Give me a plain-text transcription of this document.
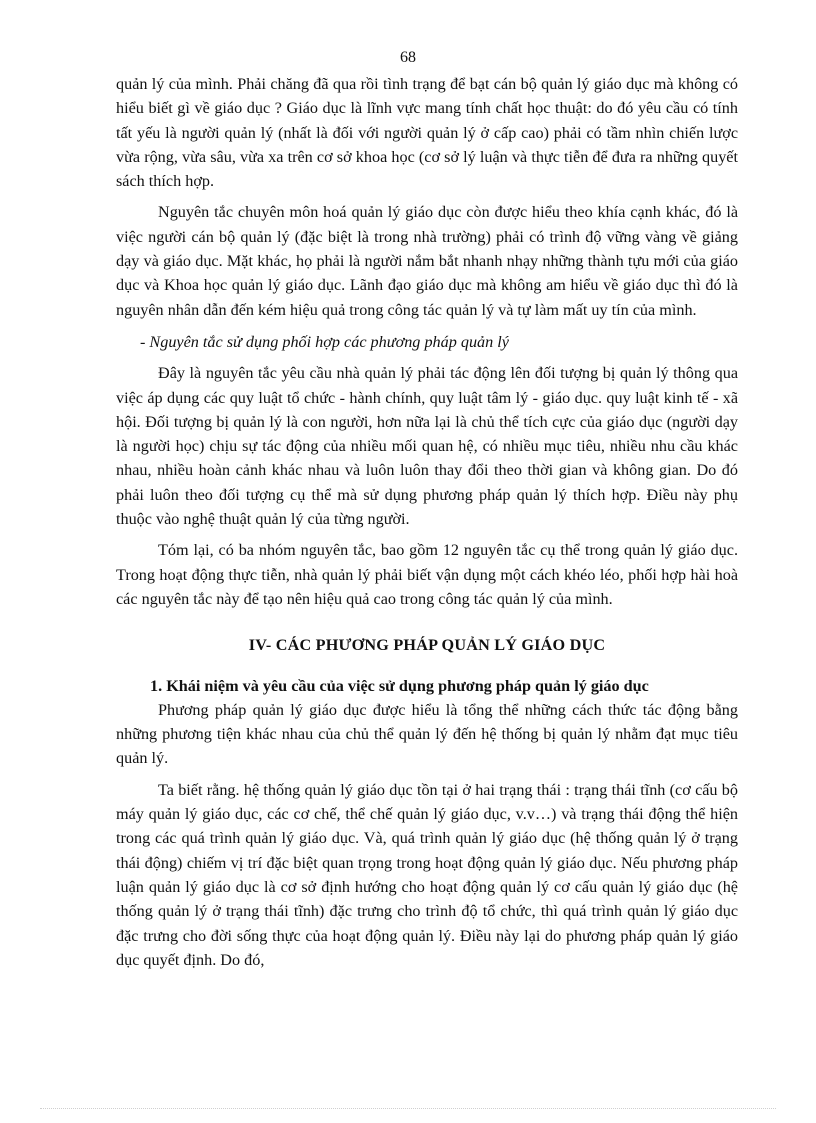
68

quản lý của mình. Phải chăng đã qua rồi tình trạng để bạt cán bộ quản lý giáo dục mà không có hiểu biết gì về giáo dục ? Giáo dục là lĩnh vực mang tính chất học thuật: do đó yêu cầu có tính tất yếu là người quản lý (nhất là đối với người quản lý ở cấp cao) phải có tầm nhìn chiến lược vừa rộng, vừa sâu, vừa xa trên cơ sở khoa học (cơ sở lý luận và thực tiễn để đưa ra những quyết sách thích hợp.

Nguyên tắc chuyên môn hoá quản lý giáo dục còn được hiểu theo khía cạnh khác, đó là việc người cán bộ quản lý (đặc biệt là trong nhà trường) phải có trình độ vững vàng về giảng dạy và giáo dục. Mặt khác, họ phải là người nắm bắt nhanh nhạy những thành tựu mới của giáo dục và Khoa học quản lý giáo dục. Lãnh đạo giáo dục mà không am hiểu về giáo dục thì đó là nguyên nhân dẫn đến kém hiệu quả trong công tác quản lý và tự làm mất uy tín của mình.

- Nguyên tắc sử dụng phối hợp các phương pháp quản lý

Đây là nguyên tắc yêu cầu nhà quản lý phải tác động lên đối tượng bị quản lý thông qua việc áp dụng các quy luật tổ chức - hành chính, quy luật tâm lý - giáo dục. quy luật kinh tế - xã hội. Đối tượng bị quản lý là con người, hơn nữa lại là chủ thể tích cực của giáo dục (người dạy là người học) chịu sự tác động của nhiều mối quan hệ, có nhiều mục tiêu, nhiều nhu cầu khác nhau, nhiều hoàn cảnh khác nhau và luôn luôn thay đổi theo thời gian và không gian. Do đó phải luôn theo đối tượng cụ thể mà sử dụng phương pháp quản lý thích hợp. Điều này phụ thuộc vào nghệ thuật quản lý của từng người.

Tóm lại, có ba nhóm nguyên tắc, bao gồm 12 nguyên tắc cụ thể trong quản lý giáo dục. Trong hoạt động thực tiễn, nhà quản lý phải biết vận dụng một cách khéo léo, phối hợp hài hoà các nguyên tắc này để tạo nên hiệu quả cao trong công tác quản lý của mình.

IV- CÁC PHƯƠNG PHÁP QUẢN LÝ GIÁO DỤC

1. Khái niệm và yêu cầu của việc sử dụng phương pháp quản lý giáo dục

Phương pháp quản lý giáo dục được hiểu là tổng thể những cách thức tác động bằng những phương tiện khác nhau của chủ thể quản lý đến hệ thống bị quản lý nhằm đạt mục tiêu quản lý.

Ta biết rằng. hệ thống quản lý giáo dục tồn tại ở hai trạng thái : trạng thái tĩnh (cơ cấu bộ máy quản lý giáo dục, các cơ chế, thể chế quản lý giáo dục, v.v…) và trạng thái động thể hiện trong các quá trình quản lý giáo dục. Và, quá trình quản lý giáo dục (hệ thống quản lý ở trạng thái động) chiếm vị trí đặc biệt quan trọng trong hoạt động quản lý giáo dục. Nếu phương pháp luận quản lý giáo dục là cơ sở định hướng cho hoạt động quản lý cơ cấu quản lý giáo dục (hệ thống quản lý ở trạng thái tĩnh) đặc trưng cho trình độ tổ chức, thì quá trình quản lý giáo dục đặc trưng cho đời sống thực của hoạt động quản lý. Điều này lại do phương pháp quản lý giáo dục quyết định. Do đó,
